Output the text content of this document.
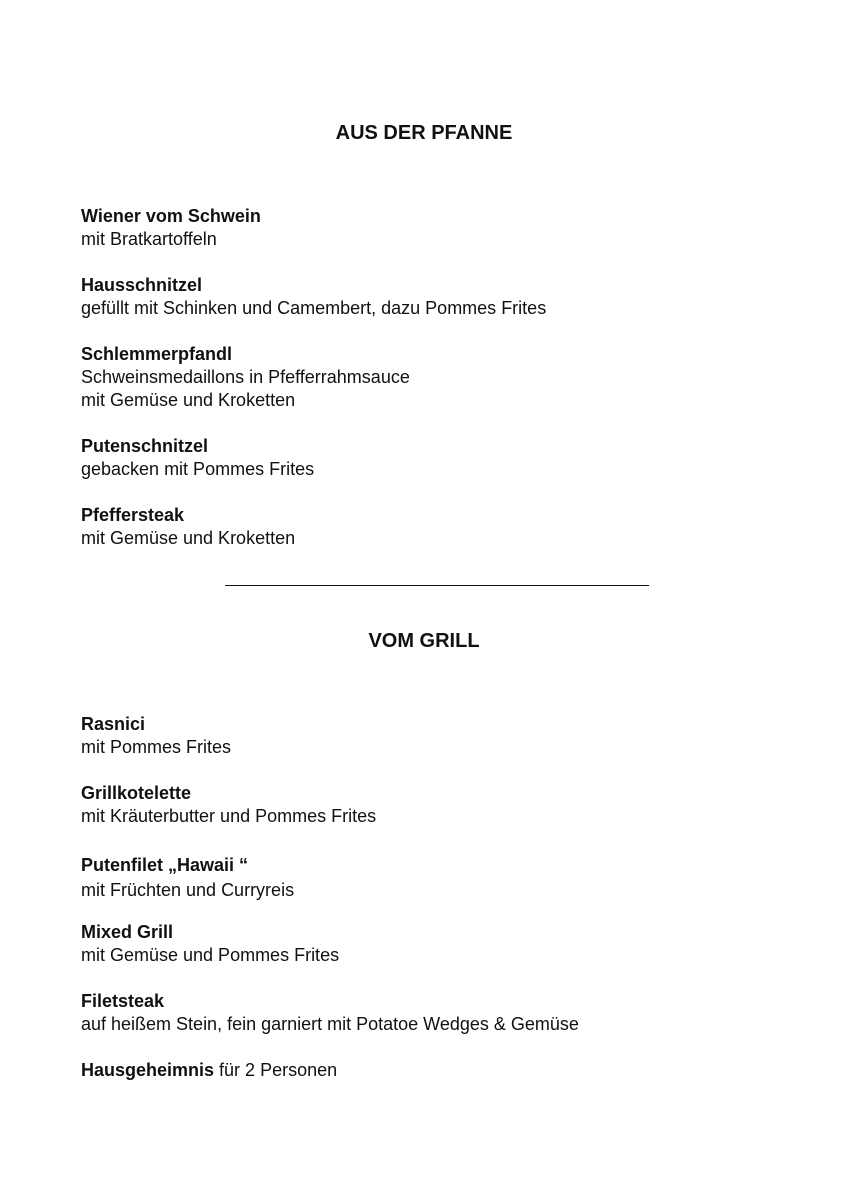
AUS DER PFANNE
Wiener vom Schwein
mit Bratkartoffeln
Hausschnitzel
gefüllt mit Schinken und Camembert, dazu Pommes Frites
Schlemmerpfandl
Schweinsmedaillons in Pfefferrahmsauce
mit Gemüse und Kroketten
Putenschnitzel
gebacken mit Pommes Frites
Pfeffersteak
mit Gemüse und Kroketten
VOM GRILL
Rasnici
mit Pommes Frites
Grillkotelette
mit Kräuterbutter und Pommes Frites
Putenfilet „Hawaii “
mit Früchten und Curryreis
Mixed Grill
mit Gemüse und Pommes Frites
Filetsteak
auf heißem Stein, fein garniert mit Potatoe Wedges & Gemüse
Hausgeheimnis für 2 Personen
